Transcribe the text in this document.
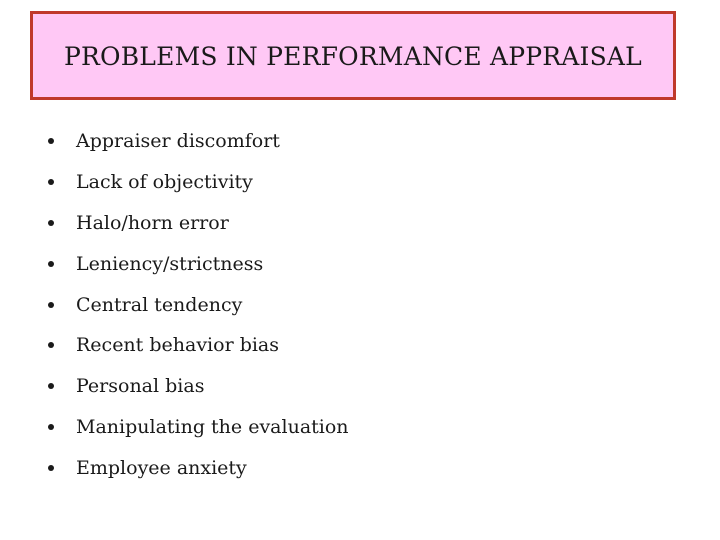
PROBLEMS IN PERFORMANCE APPRAISAL
Appraiser discomfort
Lack of objectivity
Halo/horn error
Leniency/strictness
Central tendency
Recent behavior bias
Personal bias
Manipulating the evaluation
Employee anxiety
